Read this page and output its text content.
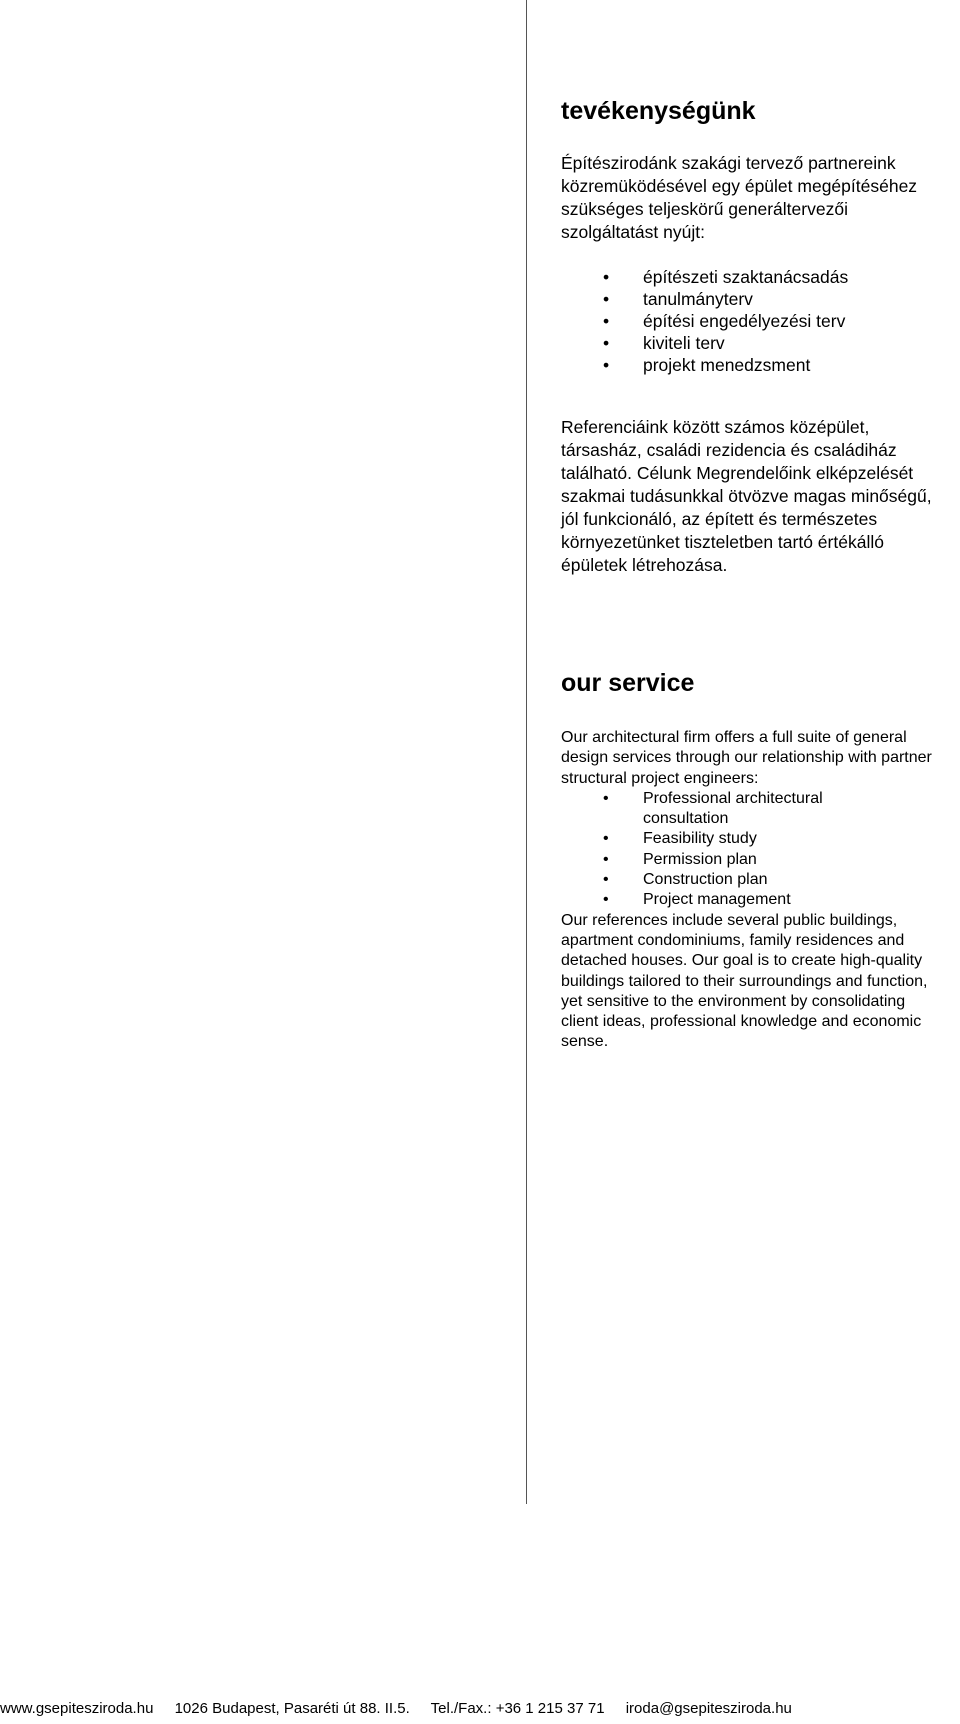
tevékenységünk

Építészirodánk szakági tervező partnereink közremüködésével egy épület megépítéséhez szükséges teljeskörű generáltervezői szolgáltatást nyújt:

• építészeti szaktanácsadás
• tanulmányterv
• építési engedélyezési terv
• kiviteli terv
• projekt menedzsment

Referenciáink között számos középület, társasház, családi rezidencia és családiház található. Célunk Megrendelőink elképzelését szakmai tudásunkkal ötvözve magas minőségű, jól funkcionáló, az épített és természetes környezetünket tiszteletben tartó értékálló épületek létrehozása.

our service

Our architectural firm offers a full suite of general design services through our relationship with partner structural project engineers:

• Professional architectural consultation
• Feasibility study
• Permission plan
• Construction plan
• Project management

Our references include several public buildings, apartment condominiums, family residences and detached houses. Our goal is to create high-quality buildings tailored to their surroundings and function, yet sensitive to the environment by consolidating client ideas, professional knowledge and economic sense.

www.gsepiteszirodа.hu 1026 Budapest, Pasaréti út 88. II.5. Tel./Fax.: +36 1 215 37 71 iroda@gsepiteszirodа.hu
